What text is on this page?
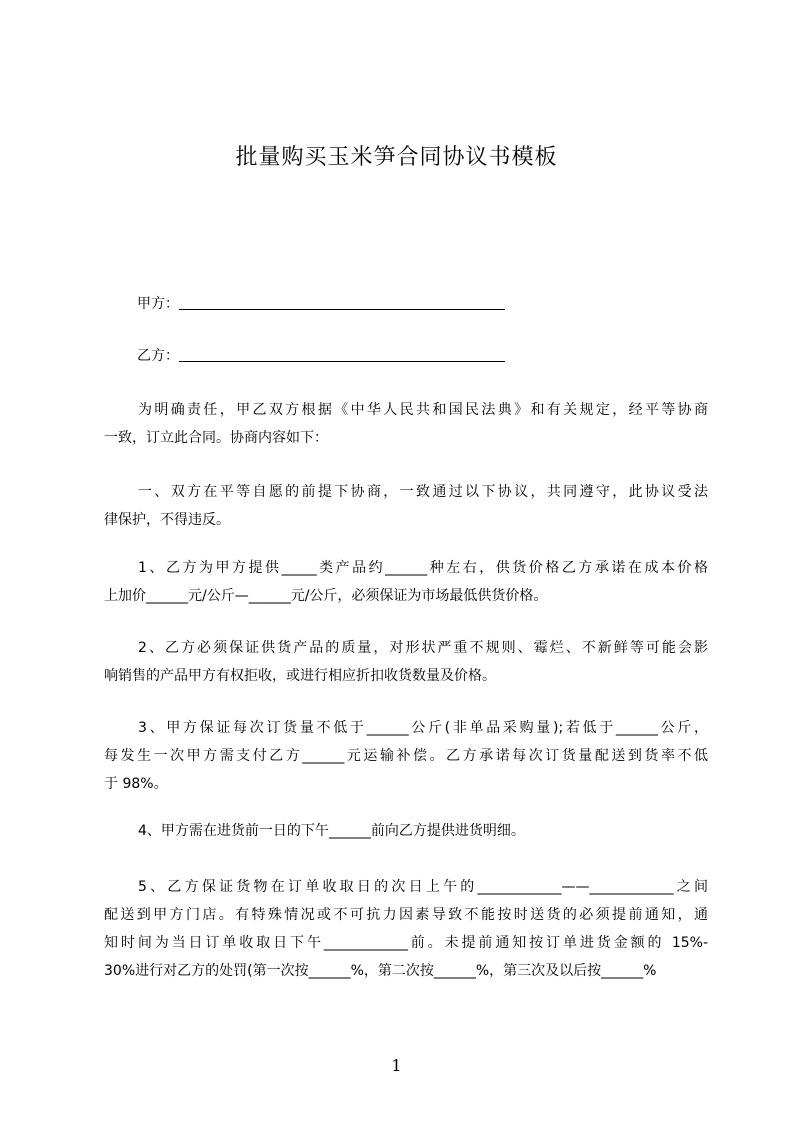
批量购买玉米笋合同协议书模板
甲方：
乙方：
为明确责任，甲乙双方根据《中华人民共和国民法典》和有关规定，经平等协商
一致，订立此合同。协商内容如下：
一、双方在平等自愿的前提下协商，一致通过以下协议，共同遵守，此协议受法
律保护，不得违反。
1、乙方为甲方提供_____类产品约______种左右，供货价格乙方承诺在成本价格
上加价______元/公斤—______元/公斤，必须保证为市场最低供货价格。
2、乙方必须保证供货产品的质量，对形状严重不规则、霉烂、不新鲜等可能会影
响销售的产品甲方有权拒收，或进行相应折扣收货数量及价格。
3、甲方保证每次订货量不低于______公斤(非单品采购量);若低于______公斤，
每发生一次甲方需支付乙方______元运输补偿。乙方承诺每次订货量配送到货率不低
于 98%。
4、甲方需在进货前一日的下午______前向乙方提供进货明细。
5、乙方保证货物在订单收取日的次日上午的____________——____________之间
配送到甲方门店。有特殊情况或不可抗力因素导致不能按时送货的必须提前通知，通
知时间为当日订单收取日下午____________前。未提前通知按订单进货金额的 15%-
30%进行对乙方的处罚(第一次按______%，第二次按______%，第三次及以后按______%
1
